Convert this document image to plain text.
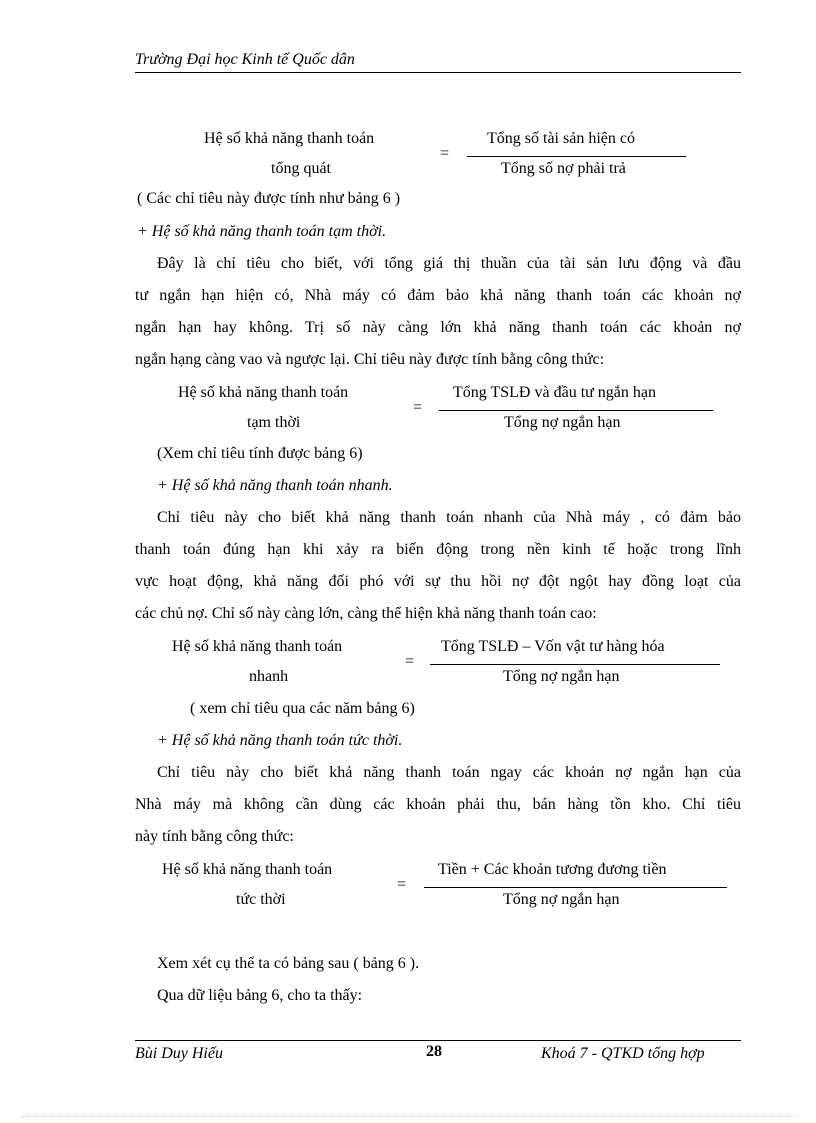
Trường Đại học Kinh tế Quốc dân
Hệ số khả năng thanh toán
tổng quát
=
Tổng số tài sản hiện có
Tổng số nợ phải trả
( Các chỉ tiêu này được tính như bảng 6 )
+ Hệ số khả năng thanh toán tạm thời.
Đây là chỉ tiêu cho biết, với tổng giá thị thuần của tài sản lưu động và đầu
tư ngắn hạn hiện có, Nhà máy có đảm bảo khả năng thanh toán các khoản nợ
ngắn hạn hay không. Trị số này càng lớn khả năng thanh toán các khoản nợ
ngắn hạng càng vao và ngược lại. Chỉ tiêu này được tính bằng công thức:
Hệ số khả năng thanh toán
tạm thời
=
Tổng TSLĐ và đầu tư ngắn hạn
Tổng nợ ngắn hạn
(Xem chỉ tiêu tính được bảng 6)
+ Hệ số khả năng thanh toán nhanh.
Chỉ tiêu này cho biết khả năng thanh toán nhanh của Nhà máy , có đảm bảo
thanh toán đúng hạn khi xảy ra biến động trong nền kinh tế hoặc trong lĩnh
vực hoạt động, khả năng đối phó với sự thu hồi nợ đột ngột hay đồng loạt của
các chủ nợ. Chỉ số này càng lớn, càng thể hiện khả năng thanh toán cao:
Hệ số khả năng thanh toán
nhanh
=
Tổng TSLĐ – Vốn vật tư hàng hóa
Tổng nợ ngắn hạn
( xem chỉ tiêu qua các năm bảng 6)
+ Hệ số khả năng thanh toán tức thời.
Chỉ tiêu này cho biết khả năng thanh toán ngay các khoản nợ ngắn hạn của
Nhà máy mà không cần dùng các khoản phải thu, bán hàng tồn kho. Chỉ tiêu
này tính bằng công thức:
Hệ số khả năng thanh toán
tức thời
=
Tiền + Các khoản tương đương tiền
Tổng nợ ngắn hạn
Xem xét cụ thể ta có bảng sau ( bảng 6 ).
Qua dữ liệu bảng 6, cho ta thấy:
Bùi Duy Hiếu	28	Khoá 7 - QTKD tổng hợp
